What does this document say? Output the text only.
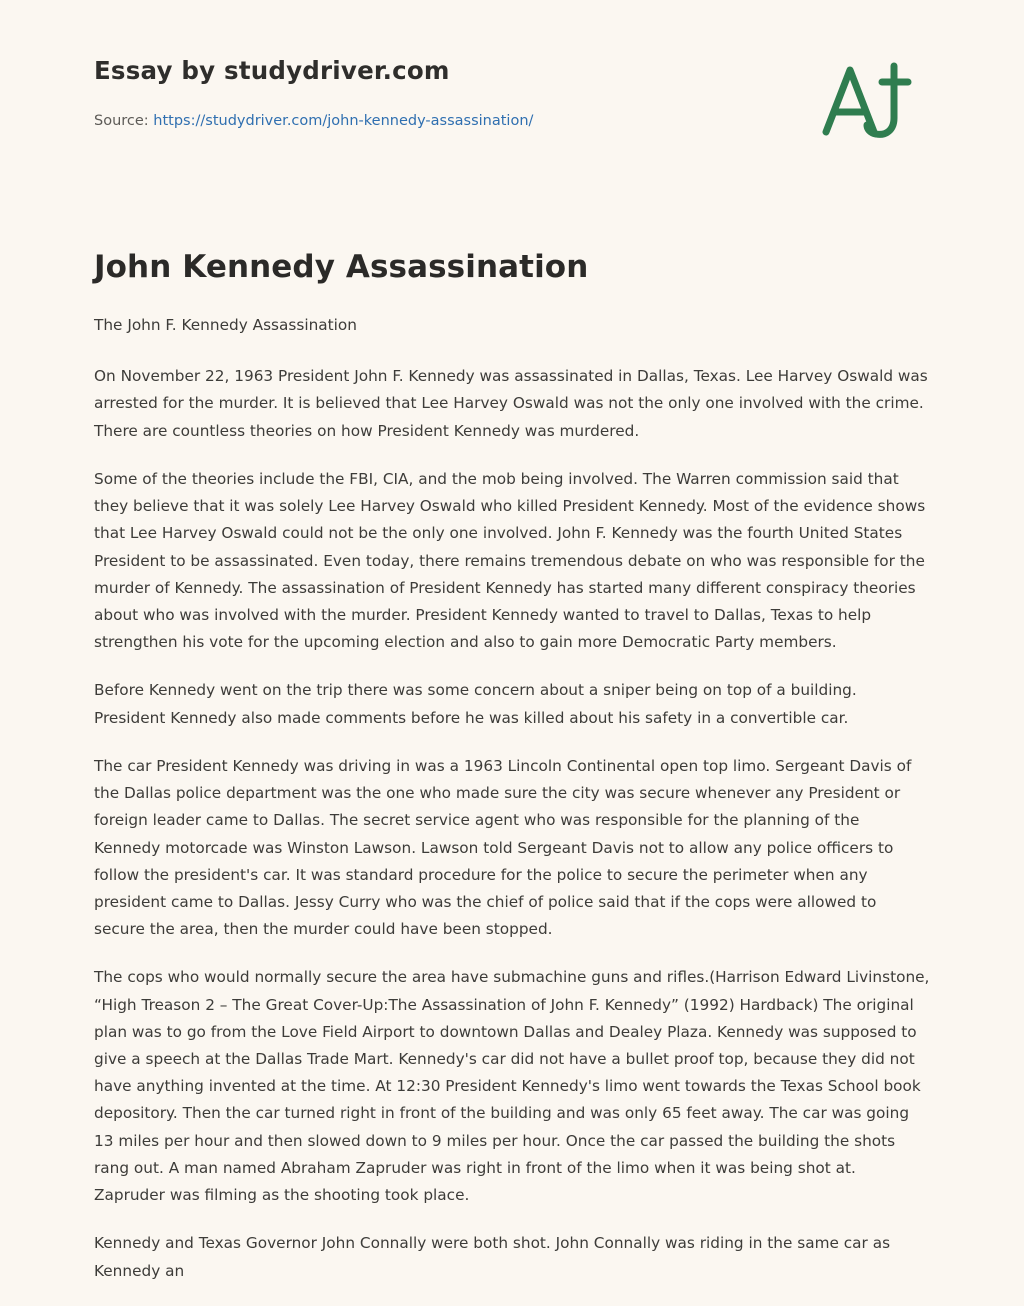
Essay by studydriver.com
Source: https://studydriver.com/john-kennedy-assassination/
John Kennedy Assassination

The John F. Kennedy Assassination

On November 22, 1963 President John F. Kennedy was assassinated in Dallas, Texas. Lee Harvey Oswald was arrested for the murder. It is believed that Lee Harvey Oswald was not the only one involved with the crime. There are countless theories on how President Kennedy was murdered.

Some of the theories include the FBI, CIA, and the mob being involved. The Warren commission said that they believe that it was solely Lee Harvey Oswald who killed President Kennedy. Most of the evidence shows that Lee Harvey Oswald could not be the only one involved. John F. Kennedy was the fourth United States President to be assassinated. Even today, there remains tremendous debate on who was responsible for the murder of Kennedy. The assassination of President Kennedy has started many different conspiracy theories about who was involved with the murder. President Kennedy wanted to travel to Dallas, Texas to help strengthen his vote for the upcoming election and also to gain more Democratic Party members.

Before Kennedy went on the trip there was some concern about a sniper being on top of a building. President Kennedy also made comments before he was killed about his safety in a convertible car.

The car President Kennedy was driving in was a 1963 Lincoln Continental open top limo. Sergeant Davis of the Dallas police department was the one who made sure the city was secure whenever any President or foreign leader came to Dallas. The secret service agent who was responsible for the planning of the Kennedy motorcade was Winston Lawson. Lawson told Sergeant Davis not to allow any police officers to follow the president's car. It was standard procedure for the police to secure the perimeter when any president came to Dallas. Jessy Curry who was the chief of police said that if the cops were allowed to secure the area, then the murder could have been stopped.

The cops who would normally secure the area have submachine guns and rifles.(Harrison Edward Livinstone, “High Treason 2 – The Great Cover-Up:The Assassination of John F. Kennedy” (1992) Hardback) The original plan was to go from the Love Field Airport to downtown Dallas and Dealey Plaza. Kennedy was supposed to give a speech at the Dallas Trade Mart. Kennedy's car did not have a bullet proof top, because they did not have anything invented at the time. At 12:30 President Kennedy's limo went towards the Texas School book depository. Then the car turned right in front of the building and was only 65 feet away. The car was going 13 miles per hour and then slowed down to 9 miles per hour. Once the car passed the building the shots rang out. A man named Abraham Zapruder was right in front of the limo when it was being shot at. Zapruder was filming as the shooting took place.

Kennedy and Texas Governor John Connally were both shot. John Connally was riding in the same car as Kennedy an
